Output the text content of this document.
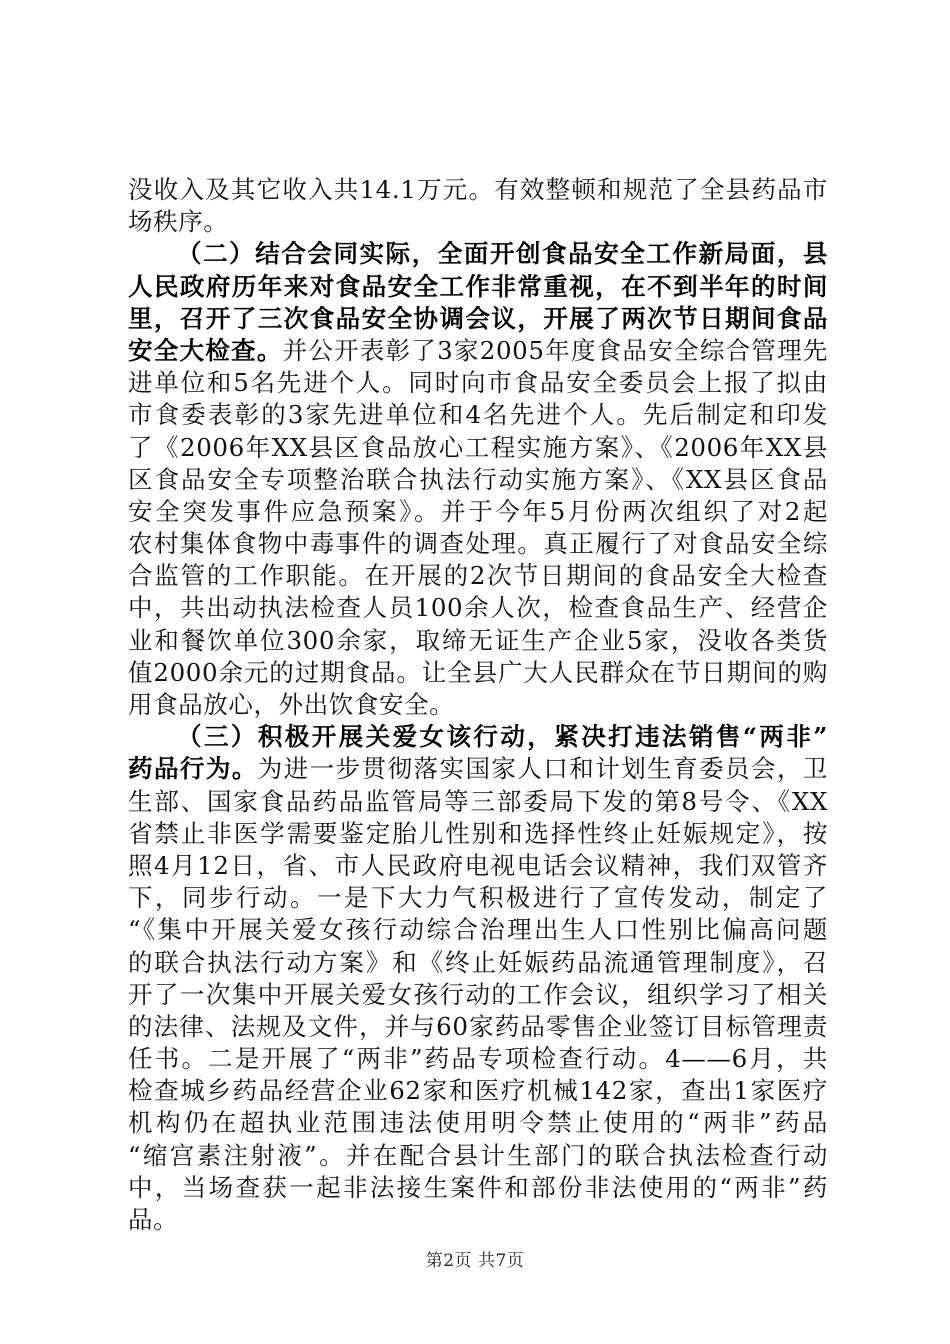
没收入及其它收入共14.1万元。有效整顿和规范了全县药品市
场秩序。
（二）结合会同实际，全面开创食品安全工作新局面，县
人民政府历年来对食品安全工作非常重视，在不到半年的时间
里，召开了三次食品安全协调会议，开展了两次节日期间食品
安全大检查。并公开表彰了3家2005年度食品安全综合管理先
进单位和5名先进个人。同时向市食品安全委员会上报了拟由
市食委表彰的3家先进单位和4名先进个人。先后制定和印发
了《2006年XX县区食品放心工程实施方案》、《2006年XX县
区食品安全专项整治联合执法行动实施方案》、《XX县区食品
安全突发事件应急预案》。并于今年5月份两次组织了对2起
农村集体食物中毒事件的调查处理。真正履行了对食品安全综
合监管的工作职能。在开展的2次节日期间的食品安全大检查
中，共出动执法检查人员100余人次，检查食品生产、经营企
业和餐饮单位300余家，取缔无证生产企业5家，没收各类货
值2000余元的过期食品。让全县广大人民群众在节日期间的购
用食品放心，外出饮食安全。
（三）积极开展关爱女该行动，紧决打违法销售“两非”
药品行为。为进一步贯彻落实国家人口和计划生育委员会，卫
生部、国家食品药品监管局等三部委局下发的第8号令、《XX
省禁止非医学需要鉴定胎儿性别和选择性终止妊娠规定》，按
照4月12日，省、市人民政府电视电话会议精神，我们双管齐
下，同步行动。一是下大力气积极进行了宣传发动，制定了
“《集中开展关爱女孩行动综合治理出生人口性别比偏高问题
的联合执法行动方案》和《终止妊娠药品流通管理制度》，召
开了一次集中开展关爱女孩行动的工作会议，组织学习了相关
的法律、法规及文件，并与60家药品零售企业签订目标管理责
任书。二是开展了“两非”药品专项检查行动。4——6月，共
检查城乡药品经营企业62家和医疗机械142家，查出1家医疗
机构仍在超执业范围违法使用明令禁止使用的“两非”药品
“缩宫素注射液”。并在配合县计生部门的联合执法检查行动
中，当场查获一起非法接生案件和部份非法使用的“两非”药
品。
第2页 共7页
